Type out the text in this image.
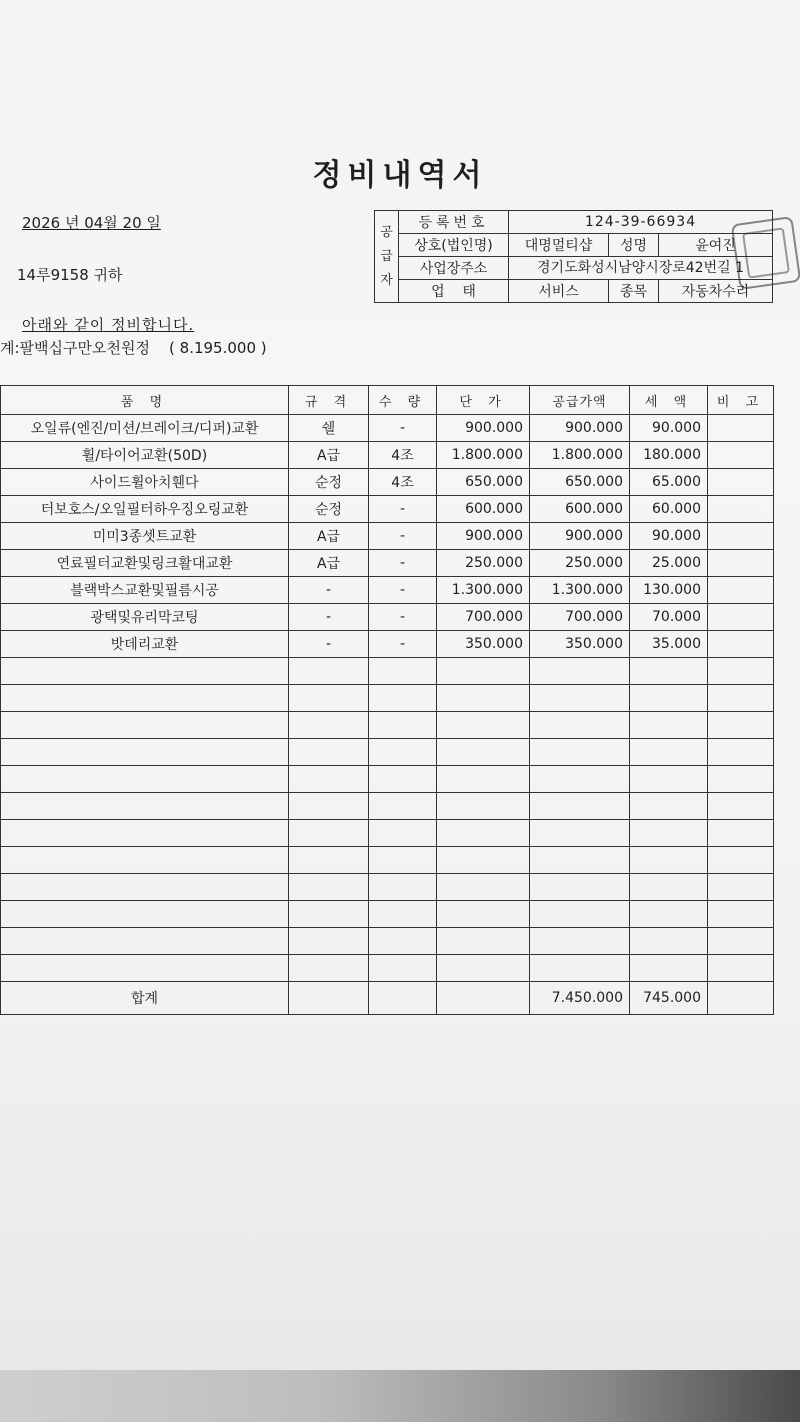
정비내역서
2026 년 04월 20 일
14루9158 귀하
아래와 같이 정비합니다.
계:팔백십구만오천원정    ( 8.195.000 )
공급자	등록번호	124-39-66934		
	상호(법인명)	대명멀티샵	성명	윤여진
	사업장주소	경기도화성시남양시장로42번길 1		
	업    태	서비스	종목	자동차수리
품 명	규 격	수 량	단 가	공급가액	세 액	비 고
오일류(엔진/미션/브레이크/디퍼)교환	쉘	-	900.000	900.000	90.000	
휠/타이어교환(50D)	A급	4조	1.800.000	1.800.000	180.000	
사이드휠아치휀다	순정	4조	650.000	650.000	65.000	
터보호스/오일필터하우징오링교환	순정	-	600.000	600.000	60.000	
미미3종셋트교환	A급	-	900.000	900.000	90.000	
연료필터교환및링크활대교환	A급	-	250.000	250.000	25.000	
블랙박스교환및필름시공	-	-	1.300.000	1.300.000	130.000	
광택및유리막코팅	-	-	700.000	700.000	70.000	
밧데리교환	-	-	350.000	350.000	35.000	

합계				7.450.000	745.000	
